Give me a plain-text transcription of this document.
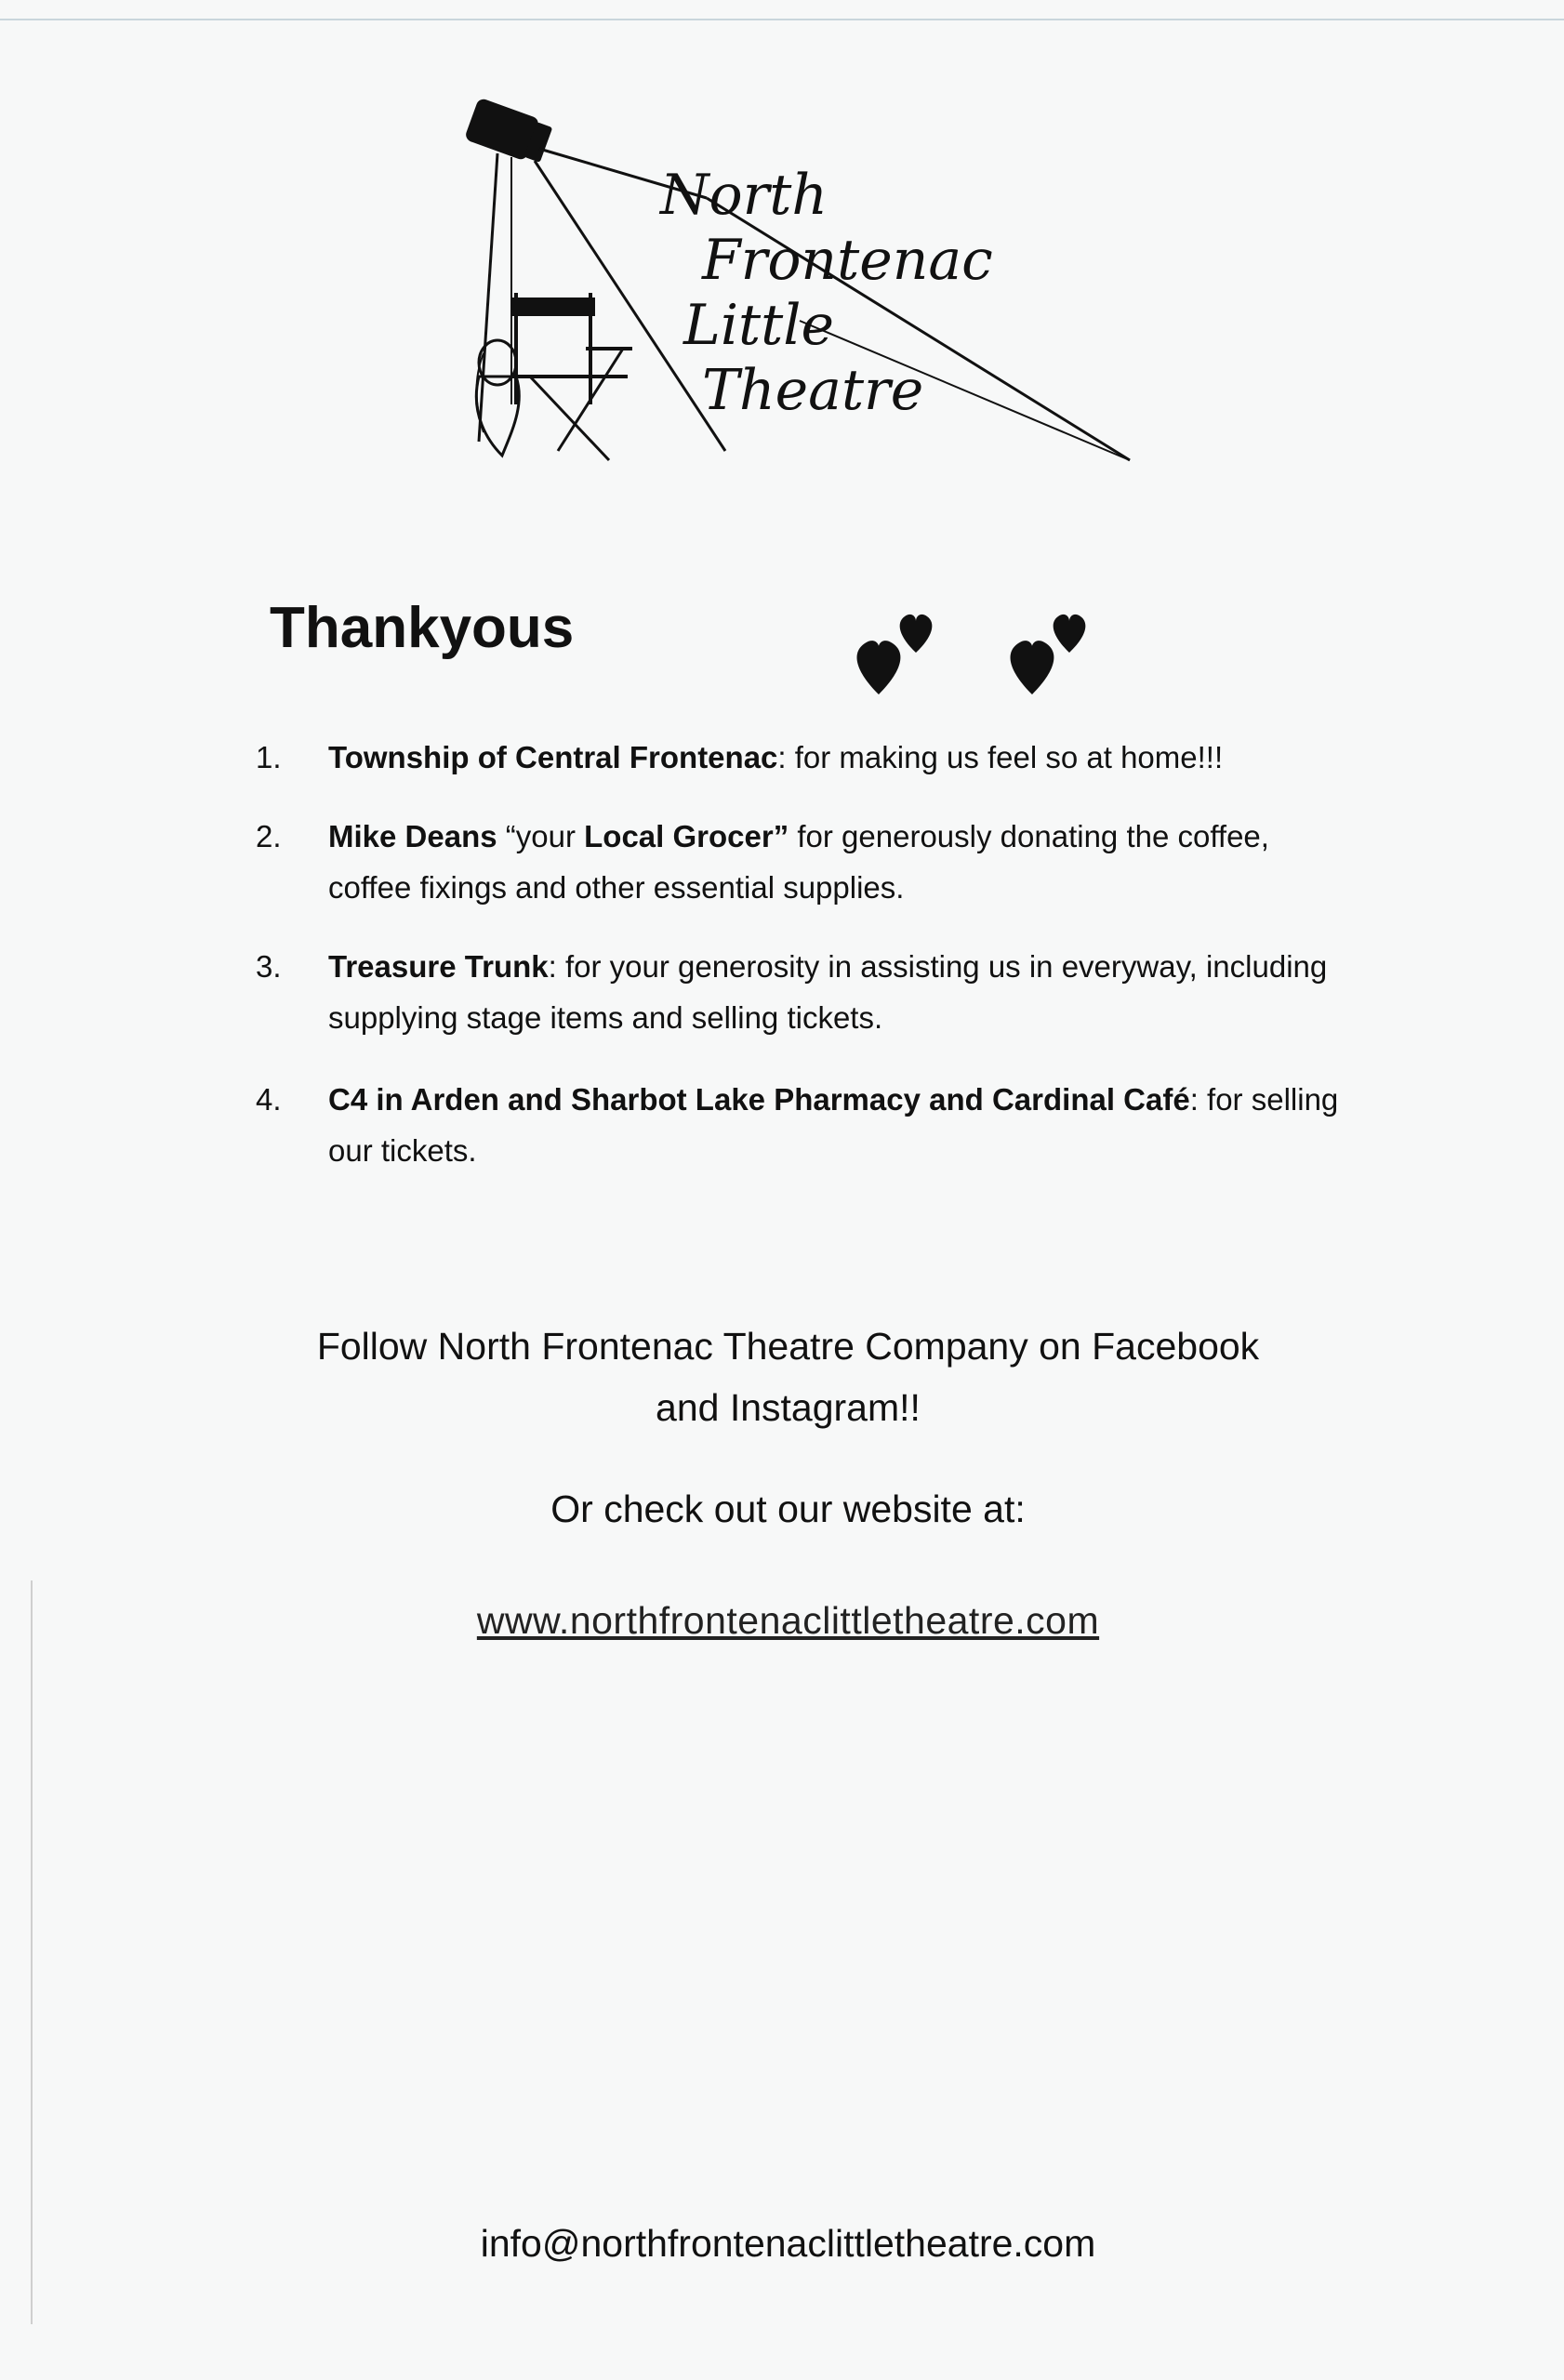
North
Frontenac
Little
Theatre
Thankyous
1. Township of Central Frontenac: for making us feel so at home!!!
2. Mike Deans “your Local Grocer” for generously donating the coffee, coffee fixings and other essential supplies.
3. Treasure Trunk: for your generosity in assisting us in everyway, including supplying stage items and selling tickets.
4. C4 in Arden and Sharbot Lake Pharmacy and Cardinal Café: for selling our tickets.

Follow North Frontenac Theatre Company on Facebook
and Instagram!!

Or check out our website at:

www.northfrontenaclittletheatre.com

info@northfrontenaclittletheatre.com
